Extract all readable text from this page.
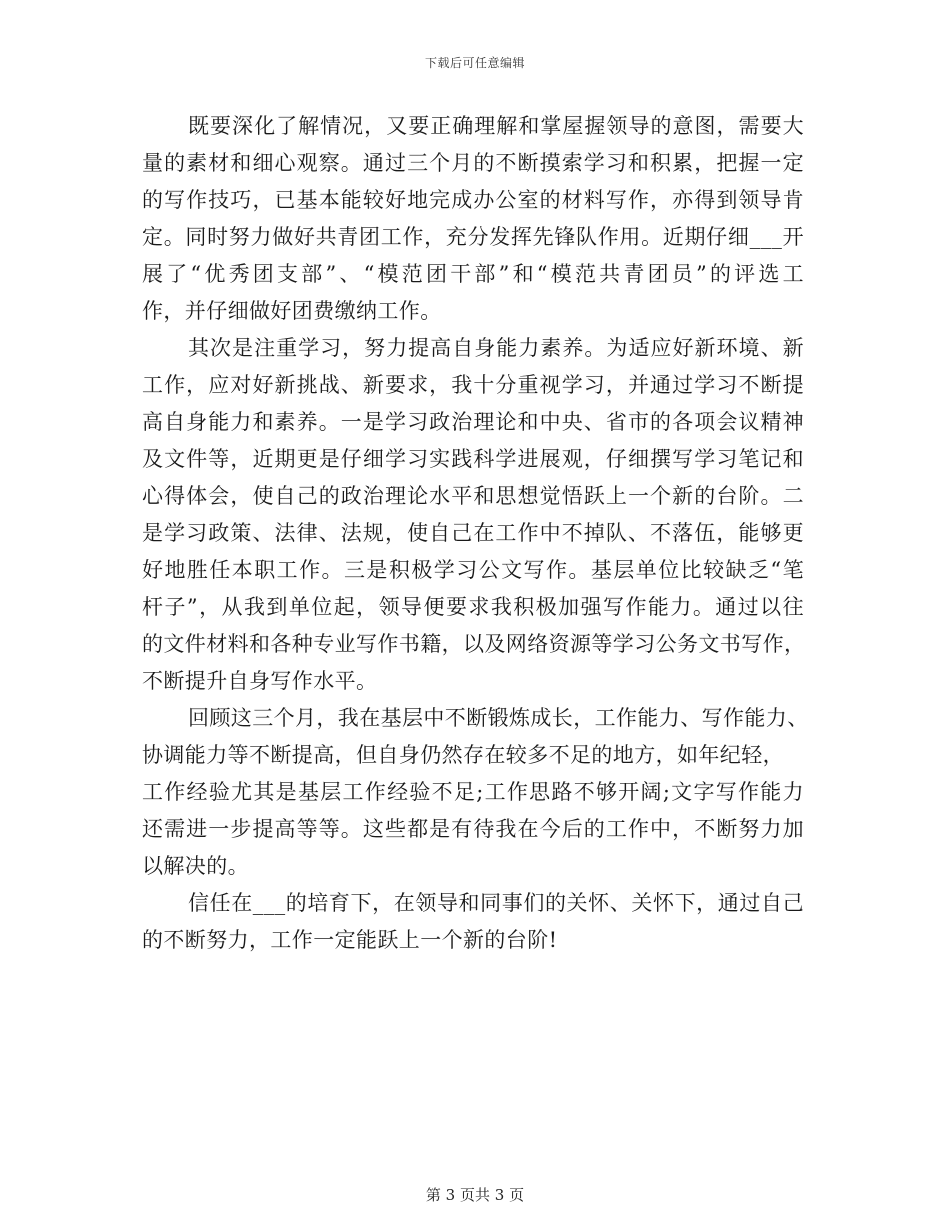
下载后可任意编辑
既要深化了解情况，又要正确理解和掌屋握领导的意图，需要大
量的素材和细心观察。通过三个月的不断摸索学习和积累，把握一定
的写作技巧，已基本能较好地完成办公室的材料写作，亦得到领导肯
定。同时努力做好共青团工作，充分发挥先锋队作用。近期仔细___开
展了“优秀团支部”、“模范团干部”和“模范共青团员”的评选工
作，并仔细做好团费缴纳工作。
其次是注重学习，努力提高自身能力素养。为适应好新环境、新
工作，应对好新挑战、新要求，我十分重视学习，并通过学习不断提
高自身能力和素养。一是学习政治理论和中央、省市的各项会议精神
及文件等，近期更是仔细学习实践科学进展观，仔细撰写学习笔记和
心得体会，使自己的政治理论水平和思想觉悟跃上一个新的台阶。二
是学习政策、法律、法规，使自己在工作中不掉队、不落伍，能够更
好地胜任本职工作。三是积极学习公文写作。基层单位比较缺乏“笔
杆子”，从我到单位起，领导便要求我积极加强写作能力。通过以往
的文件材料和各种专业写作书籍，以及网络资源等学习公务文书写作，
不断提升自身写作水平。
回顾这三个月，我在基层中不断锻炼成长，工作能力、写作能力、
协调能力等不断提高，但自身仍然存在较多不足的地方，如年纪轻，
工作经验尤其是基层工作经验不足;工作思路不够开阔;文字写作能力
还需进一步提高等等。这些都是有待我在今后的工作中，不断努力加
以解决的。
信任在___的培育下，在领导和同事们的关怀、关怀下，通过自己
的不断努力，工作一定能跃上一个新的台阶!
第 3 页共 3 页
